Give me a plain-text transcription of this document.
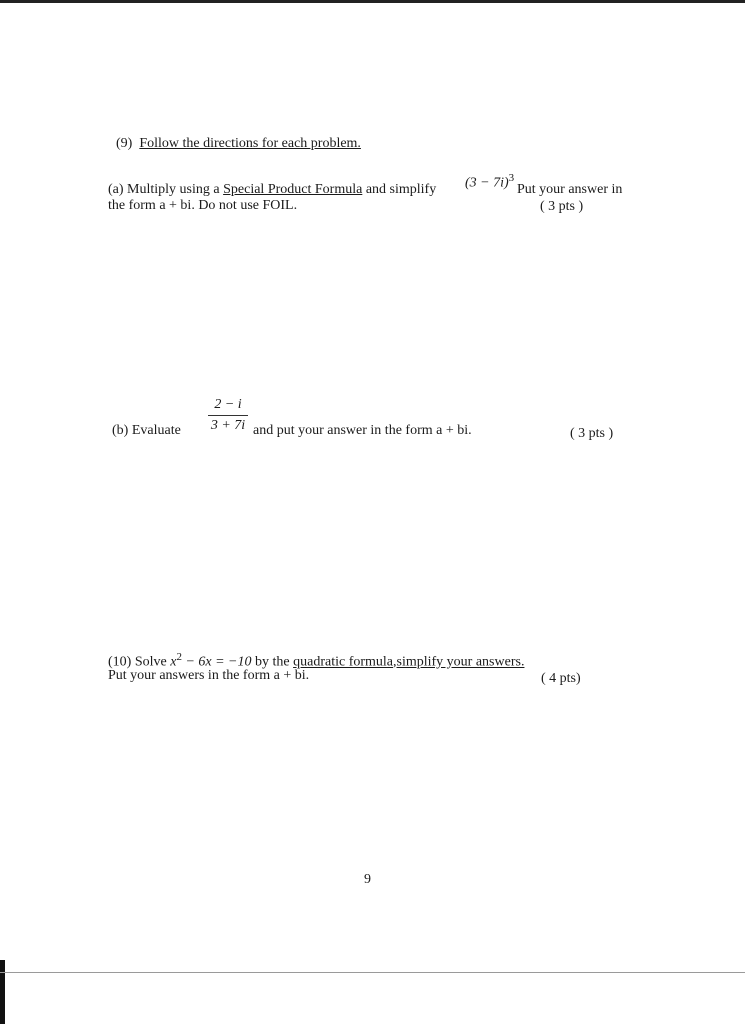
(9) Follow the directions for each problem.
(a) Multiply using a Special Product Formula and simplify $(3 - 7i)^3$
Put your answer in
the form a + bi. Do not use FOIL.	( 3 pts )
(b) Evaluate
2 − i
3 + 7i and put your answer in the form a + bi.	( 3 pts )
(10) Solve $x^2 - 6x = -10$ by the quadratic formula,simplify your answers.
Put your answers in the form a + bi.	( 4 pts)
9
